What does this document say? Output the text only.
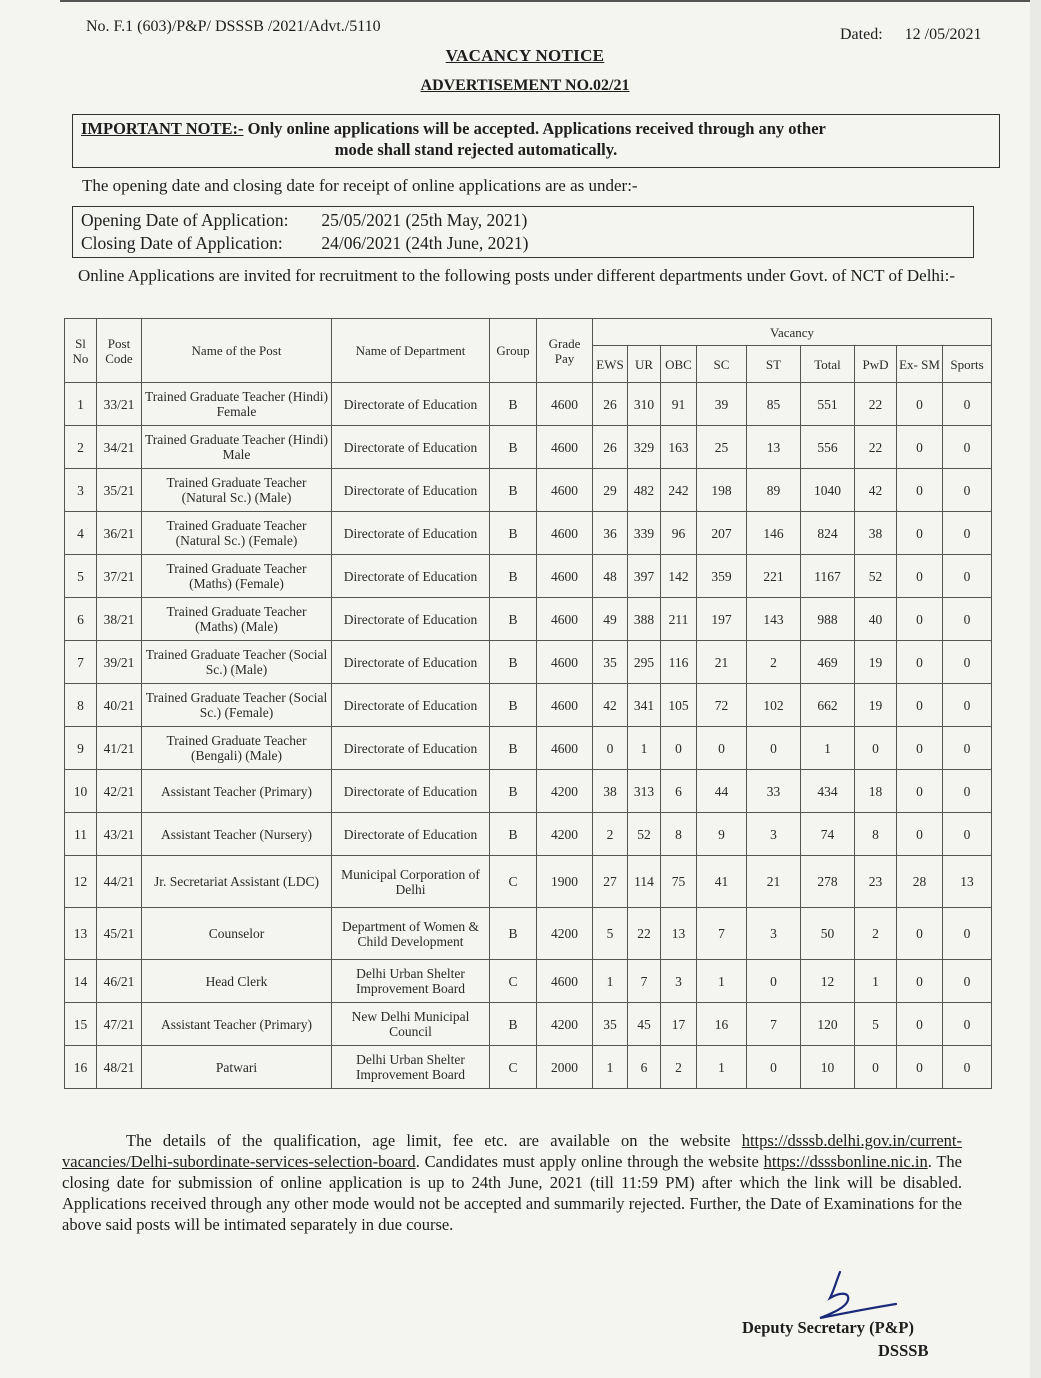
No. F.1 (603)/P&P/ DSSSB /2021/Advt./5110	Dated: 12 /05/2021
VACANCY NOTICE
ADVERTISEMENT NO.02/21
IMPORTANT NOTE:- Only online applications will be accepted. Applications received through any other
mode shall stand rejected automatically.
The opening date and closing date for receipt of online applications are as under:-
Opening Date of Application: 25/05/2021 (25th May, 2021)
Closing Date of Application: 24/06/2021 (24th June, 2021)
Online Applications are invited for recruitment to the following posts under different departments under Govt. of NCT of Delhi:-
Sl No	Post Code	Name of the Post	Name of Department	Group	Grade Pay	Vacancy								
						EWS	UR	OBC	SC	ST	Total	PwD	Ex- SM	Sports
1	33/21	Trained Graduate Teacher (Hindi) Female	Directorate of Education	B	4600	26	310	91	39	85	551	22	0	0
2	34/21	Trained Graduate Teacher (Hindi) Male	Directorate of Education	B	4600	26	329	163	25	13	556	22	0	0
3	35/21	Trained Graduate Teacher (Natural Sc.) (Male)	Directorate of Education	B	4600	29	482	242	198	89	1040	42	0	0
4	36/21	Trained Graduate Teacher (Natural Sc.) (Female)	Directorate of Education	B	4600	36	339	96	207	146	824	38	0	0
5	37/21	Trained Graduate Teacher (Maths) (Female)	Directorate of Education	B	4600	48	397	142	359	221	1167	52	0	0
6	38/21	Trained Graduate Teacher (Maths) (Male)	Directorate of Education	B	4600	49	388	211	197	143	988	40	0	0
7	39/21	Trained Graduate Teacher (Social Sc.) (Male)	Directorate of Education	B	4600	35	295	116	21	2	469	19	0	0
8	40/21	Trained Graduate Teacher (Social Sc.) (Female)	Directorate of Education	B	4600	42	341	105	72	102	662	19	0	0
9	41/21	Trained Graduate Teacher (Bengali) (Male)	Directorate of Education	B	4600	0	1	0	0	0	1	0	0	0
10	42/21	Assistant Teacher (Primary)	Directorate of Education	B	4200	38	313	6	44	33	434	18	0	0
11	43/21	Assistant Teacher (Nursery)	Directorate of Education	B	4200	2	52	8	9	3	74	8	0	0
12	44/21	Jr. Secretariat Assistant (LDC)	Municipal Corporation of Delhi	C	1900	27	114	75	41	21	278	23	28	13
13	45/21	Counselor	Department of Women & Child Development	B	4200	5	22	13	7	3	50	2	0	0
14	46/21	Head Clerk	Delhi Urban Shelter Improvement Board	C	4600	1	7	3	1	0	12	1	0	0
15	47/21	Assistant Teacher (Primary)	New Delhi Municipal Council	B	4200	35	45	17	16	7	120	5	0	0
16	48/21	Patwari	Delhi Urban Shelter Improvement Board	C	2000	1	6	2	1	0	10	0	0	0
The details of the qualification, age limit, fee etc. are available on the website https://dsssb.delhi.gov.in/current-vacancies/Delhi-subordinate-services-selection-board. Candidates must apply online through the website https://dsssbonline.nic.in. The closing date for submission of online application is up to 24th June, 2021 (till 11:59 PM) after which the link will be disabled. Applications received through any other mode would not be accepted and summarily rejected. Further, the Date of Examinations for the above said posts will be intimated separately in due course.
Deputy Secretary (P&P)
DSSSB
